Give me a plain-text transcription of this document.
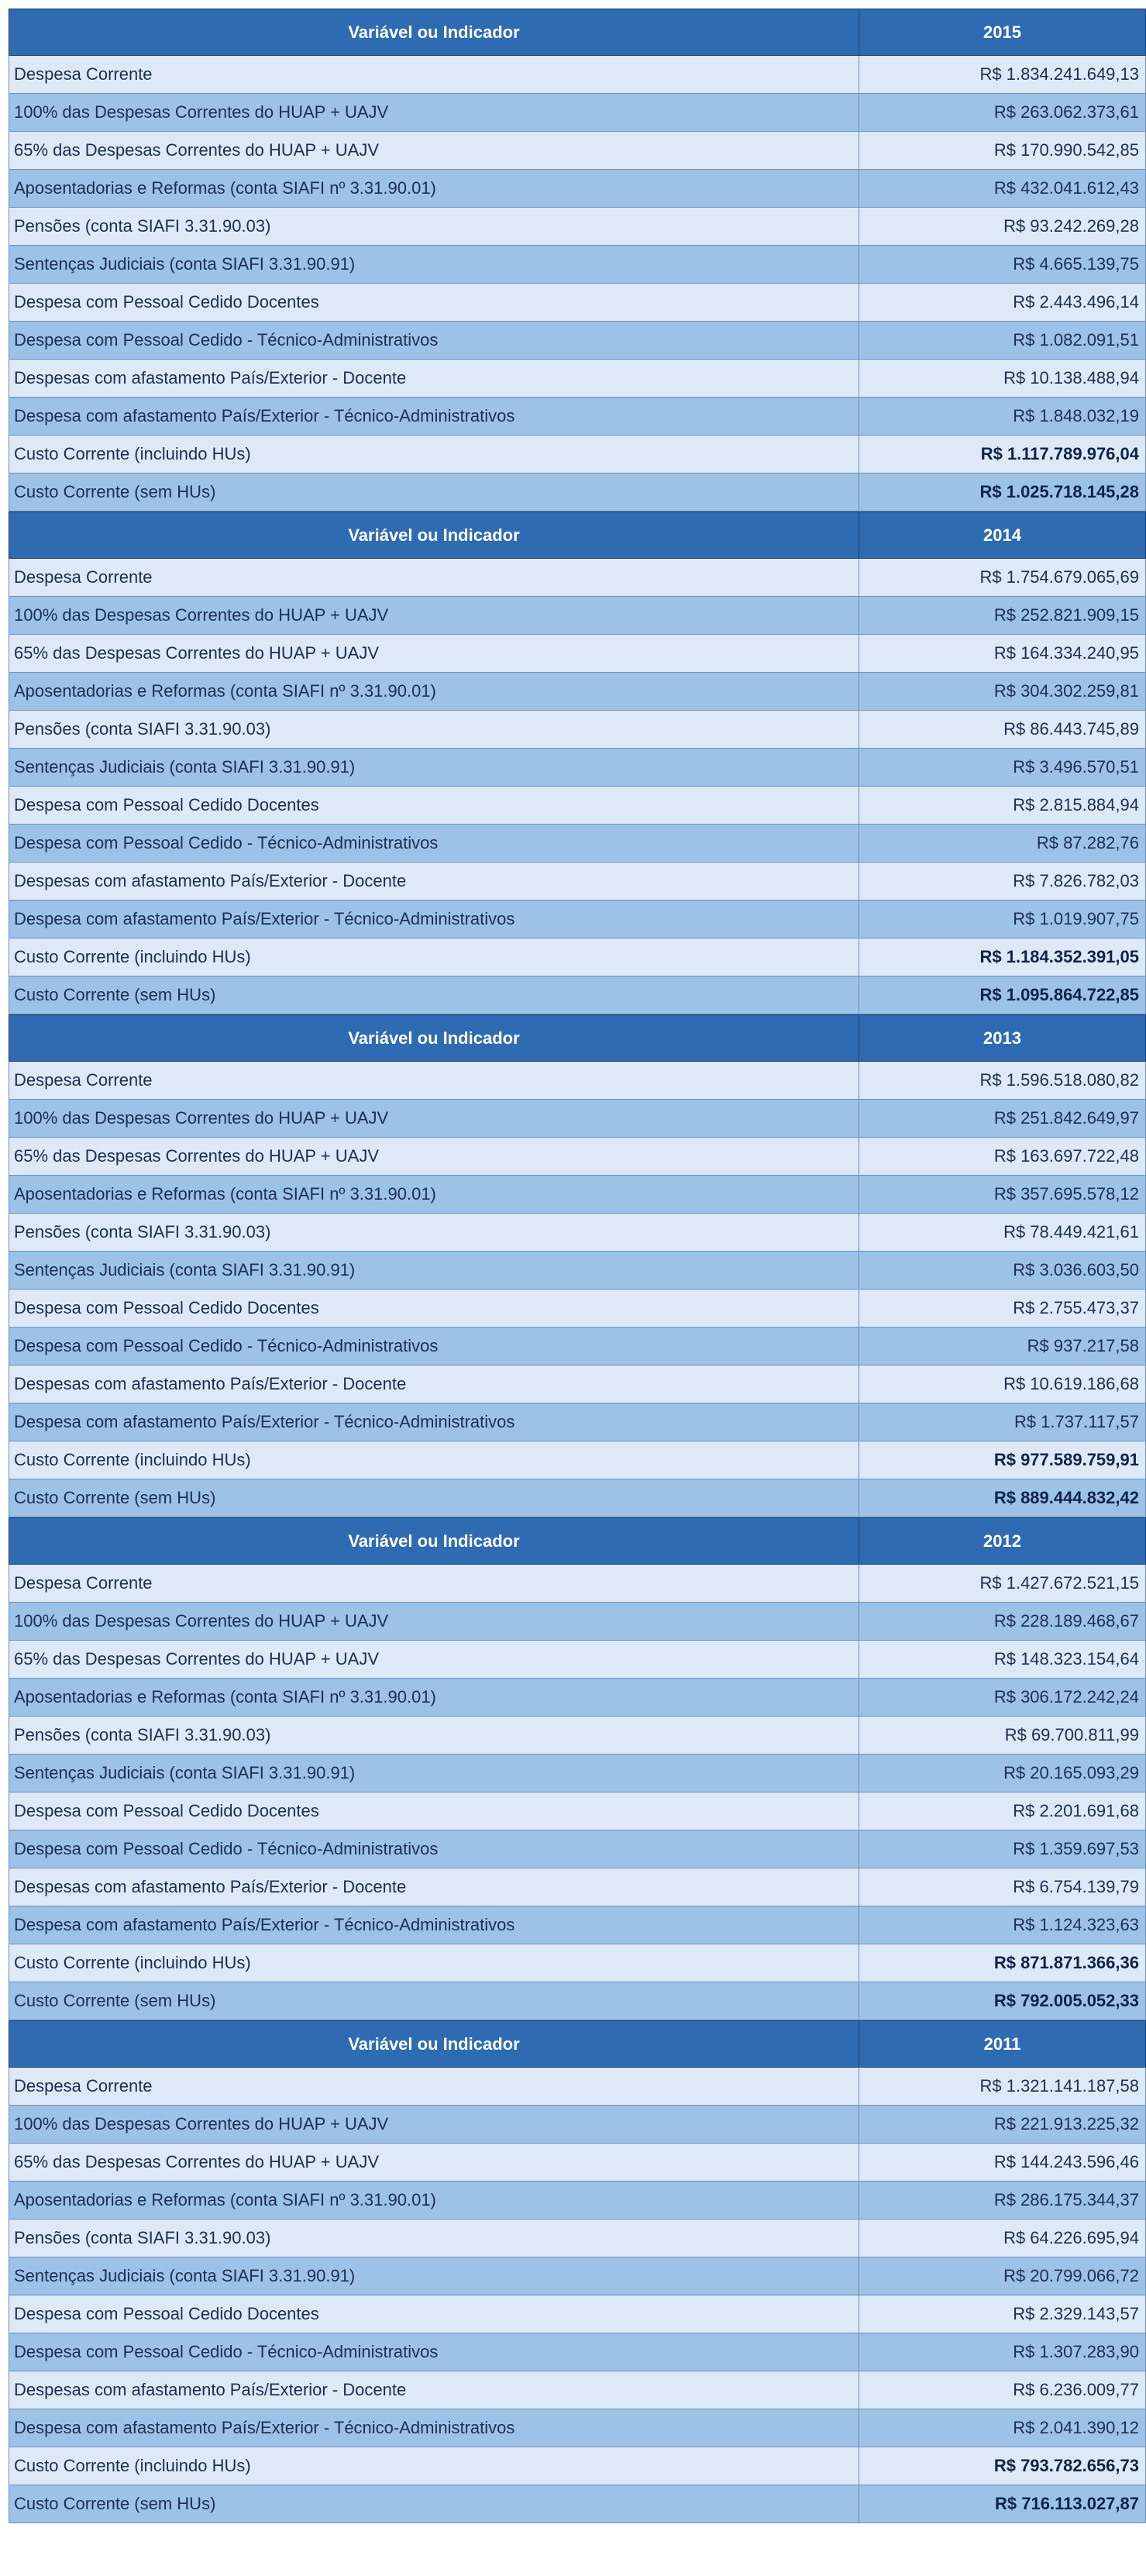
Variável ou Indicador	2015
Despesa Corrente	R$ 1.834.241.649,13
100% das Despesas Correntes do HUAP + UAJV	R$ 263.062.373,61
65% das Despesas Correntes do HUAP + UAJV	R$ 170.990.542,85
Aposentadorias e Reformas (conta SIAFI nº 3.31.90.01)	R$ 432.041.612,43
Pensões (conta SIAFI 3.31.90.03)	R$ 93.242.269,28
Sentenças Judiciais (conta SIAFI 3.31.90.91)	R$ 4.665.139,75
Despesa com Pessoal Cedido Docentes	R$ 2.443.496,14
Despesa com Pessoal Cedido - Técnico-Administrativos	R$ 1.082.091,51
Despesas com afastamento País/Exterior - Docente	R$ 10.138.488,94
Despesa com afastamento País/Exterior - Técnico-Administrativos	R$ 1.848.032,19
Custo Corrente (incluindo HUs)	R$ 1.117.789.976,04
Custo Corrente (sem HUs)	R$ 1.025.718.145,28
Variável ou Indicador	2014
Despesa Corrente	R$ 1.754.679.065,69
100% das Despesas Correntes do HUAP + UAJV	R$ 252.821.909,15
65% das Despesas Correntes do HUAP + UAJV	R$ 164.334.240,95
Aposentadorias e Reformas (conta SIAFI nº 3.31.90.01)	R$ 304.302.259,81
Pensões (conta SIAFI 3.31.90.03)	R$ 86.443.745,89
Sentenças Judiciais (conta SIAFI 3.31.90.91)	R$ 3.496.570,51
Despesa com Pessoal Cedido Docentes	R$ 2.815.884,94
Despesa com Pessoal Cedido - Técnico-Administrativos	R$ 87.282,76
Despesas com afastamento País/Exterior - Docente	R$ 7.826.782,03
Despesa com afastamento País/Exterior - Técnico-Administrativos	R$ 1.019.907,75
Custo Corrente (incluindo HUs)	R$ 1.184.352.391,05
Custo Corrente (sem HUs)	R$ 1.095.864.722,85
Variável ou Indicador	2013
Despesa Corrente	R$ 1.596.518.080,82
100% das Despesas Correntes do HUAP + UAJV	R$ 251.842.649,97
65% das Despesas Correntes do HUAP + UAJV	R$ 163.697.722,48
Aposentadorias e Reformas (conta SIAFI nº 3.31.90.01)	R$ 357.695.578,12
Pensões (conta SIAFI 3.31.90.03)	R$ 78.449.421,61
Sentenças Judiciais (conta SIAFI 3.31.90.91)	R$ 3.036.603,50
Despesa com Pessoal Cedido Docentes	R$ 2.755.473,37
Despesa com Pessoal Cedido - Técnico-Administrativos	R$ 937.217,58
Despesas com afastamento País/Exterior - Docente	R$ 10.619.186,68
Despesa com afastamento País/Exterior - Técnico-Administrativos	R$ 1.737.117,57
Custo Corrente (incluindo HUs)	R$ 977.589.759,91
Custo Corrente (sem HUs)	R$ 889.444.832,42
Variável ou Indicador	2012
Despesa Corrente	R$ 1.427.672.521,15
100% das Despesas Correntes do HUAP + UAJV	R$ 228.189.468,67
65% das Despesas Correntes do HUAP + UAJV	R$ 148.323.154,64
Aposentadorias e Reformas (conta SIAFI nº 3.31.90.01)	R$ 306.172.242,24
Pensões (conta SIAFI 3.31.90.03)	R$ 69.700.811,99
Sentenças Judiciais (conta SIAFI 3.31.90.91)	R$ 20.165.093,29
Despesa com Pessoal Cedido Docentes	R$ 2.201.691,68
Despesa com Pessoal Cedido - Técnico-Administrativos	R$ 1.359.697,53
Despesas com afastamento País/Exterior - Docente	R$ 6.754.139,79
Despesa com afastamento País/Exterior - Técnico-Administrativos	R$ 1.124.323,63
Custo Corrente (incluindo HUs)	R$ 871.871.366,36
Custo Corrente (sem HUs)	R$ 792.005.052,33
Variável ou Indicador	2011
Despesa Corrente	R$ 1.321.141.187,58
100% das Despesas Correntes do HUAP + UAJV	R$ 221.913.225,32
65% das Despesas Correntes do HUAP + UAJV	R$ 144.243.596,46
Aposentadorias e Reformas (conta SIAFI nº 3.31.90.01)	R$ 286.175.344,37
Pensões (conta SIAFI 3.31.90.03)	R$ 64.226.695,94
Sentenças Judiciais (conta SIAFI 3.31.90.91)	R$ 20.799.066,72
Despesa com Pessoal Cedido Docentes	R$ 2.329.143,57
Despesa com Pessoal Cedido - Técnico-Administrativos	R$ 1.307.283,90
Despesas com afastamento País/Exterior - Docente	R$ 6.236.009,77
Despesa com afastamento País/Exterior - Técnico-Administrativos	R$ 2.041.390,12
Custo Corrente (incluindo HUs)	R$ 793.782.656,73
Custo Corrente (sem HUs)	R$ 716.113.027,87
